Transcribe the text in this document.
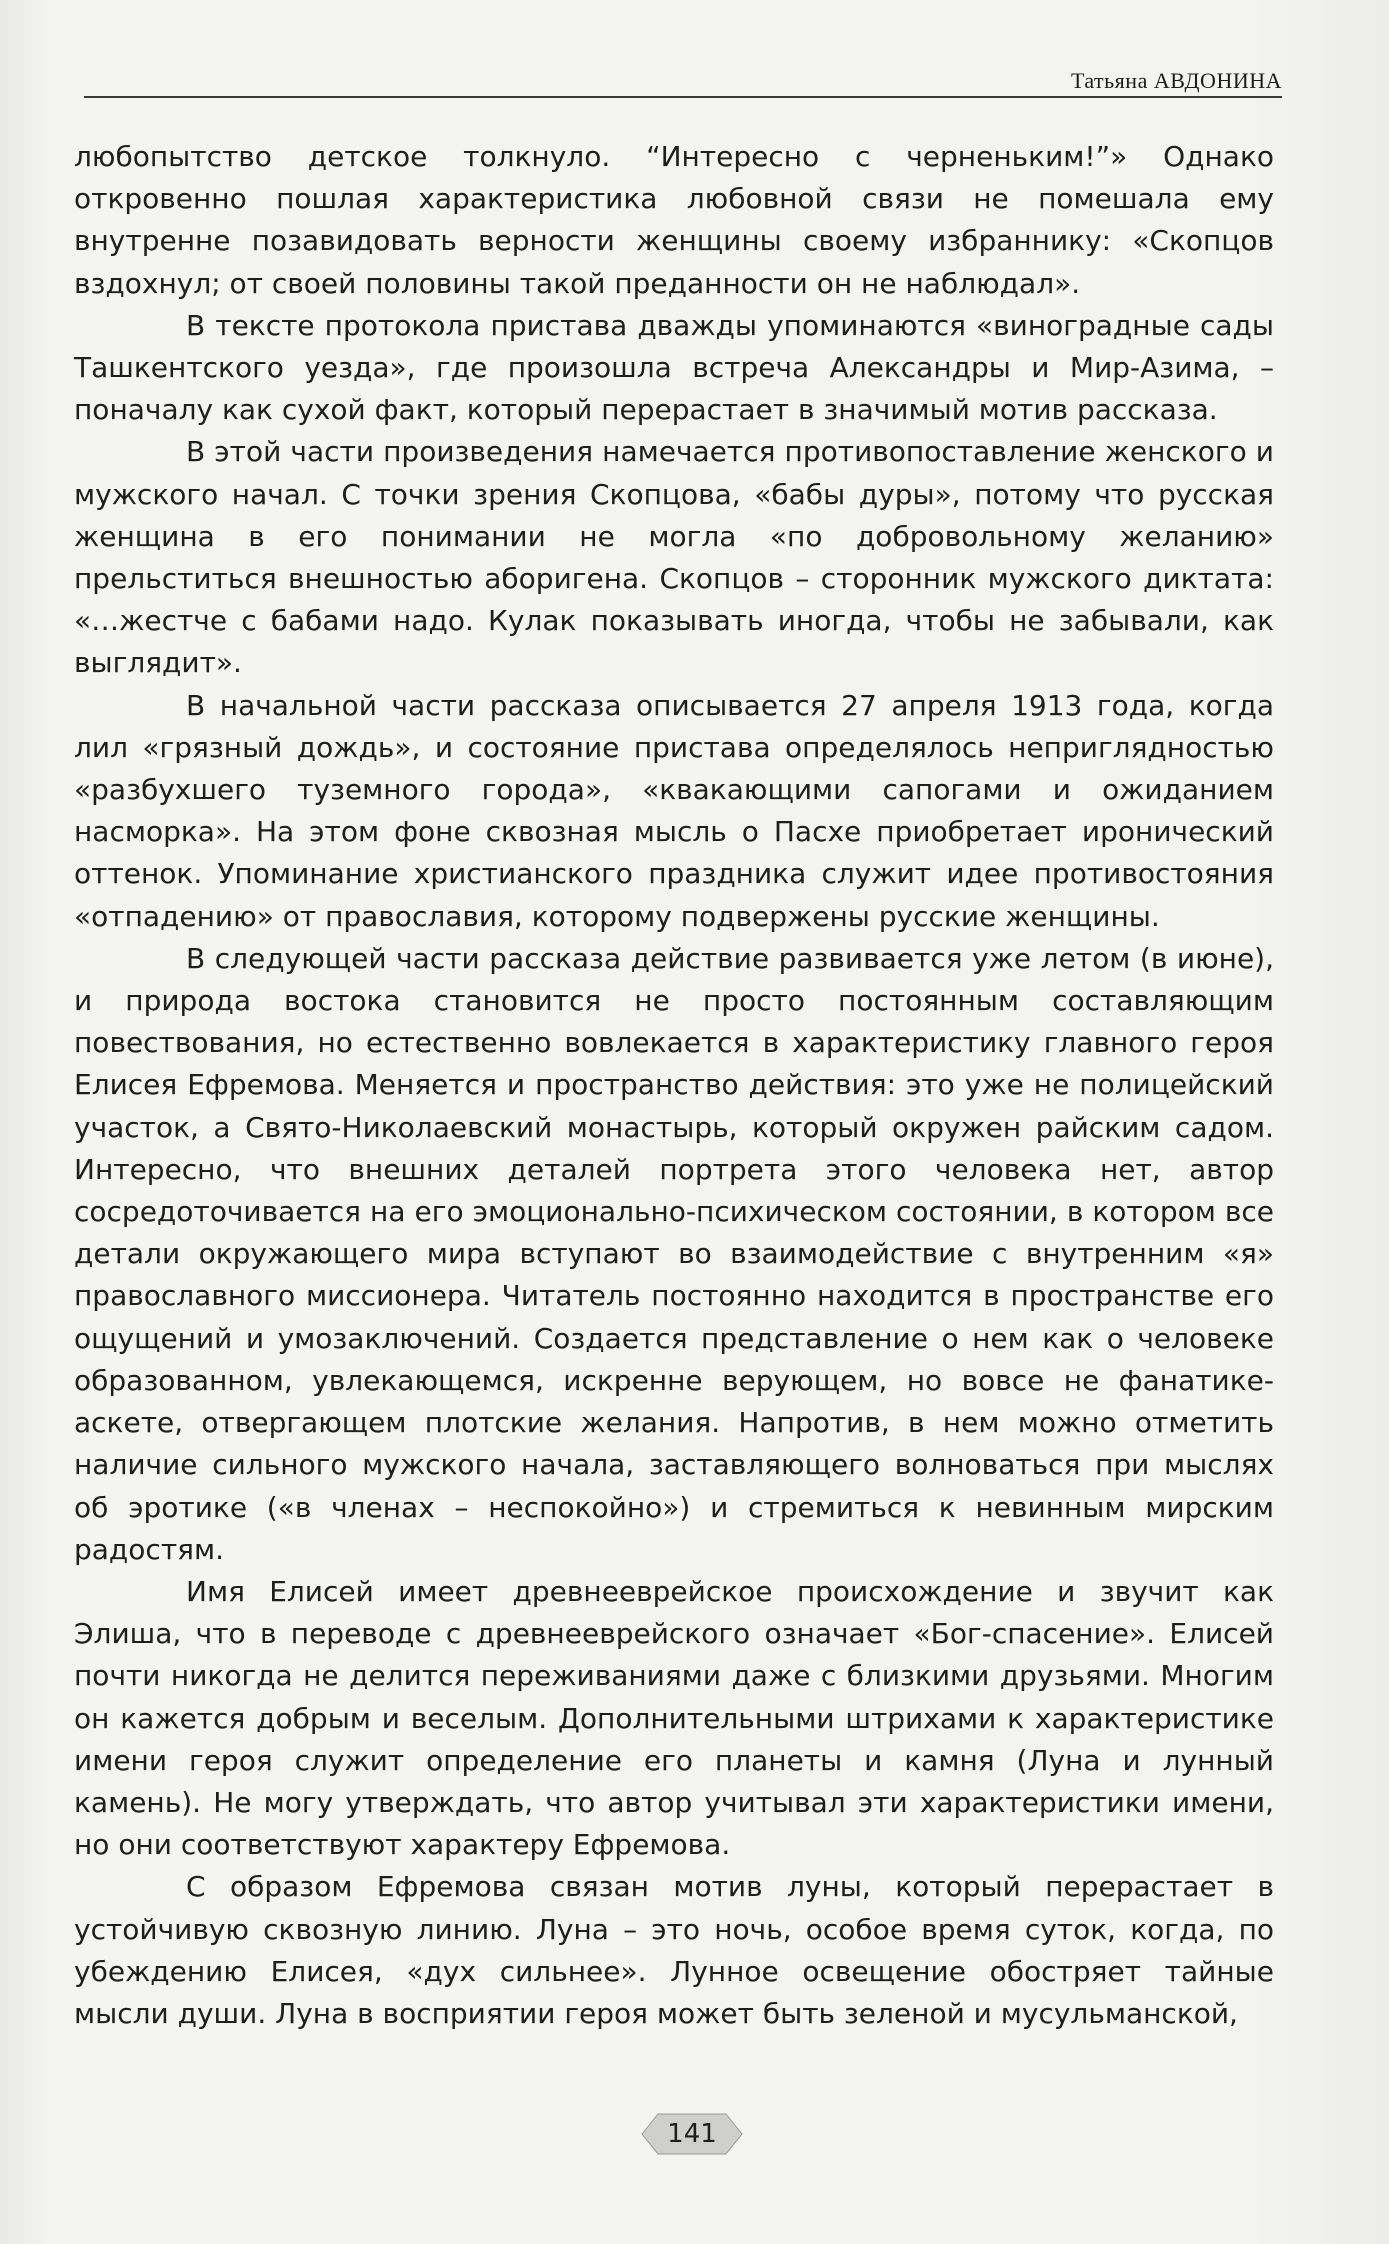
Татьяна АВДОНИНА

любопытство детское толкнуло. “Интересно с черненьким!”» Однако откровенно пошлая характеристика любовной связи не помешала ему внутренне позавидовать верности женщины своему избраннику: «Скопцов вздохнул; от своей половины такой преданности он не наблюдал».

В тексте протокола пристава дважды упоминаются «виноградные сады Ташкентского уезда», где произошла встреча Александры и Мир-Азима, – поначалу как сухой факт, который перерастает в значимый мотив рассказа.

В этой части произведения намечается противопоставление женского и мужского начал. С точки зрения Скопцова, «бабы дуры», потому что русская женщина в его понимании не могла «по добровольному желанию» прельститься внешностью аборигена. Скопцов – сторонник мужского диктата: «…жестче с бабами надо. Кулак показывать иногда, чтобы не забывали, как выглядит».

В начальной части рассказа описывается 27 апреля 1913 года, когда лил «грязный дождь», и состояние пристава определялось неприглядностью «разбухшего туземного города», «квакающими сапогами и ожиданием насморка». На этом фоне сквозная мысль о Пасхе приобретает иронический оттенок. Упоминание христианского праздника служит идее противостояния «отпадению» от православия, которому подвержены русские женщины.

В следующей части рассказа действие развивается уже летом (в июне), и природа востока становится не просто постоянным составляющим повествования, но естественно вовлекается в характеристику главного героя Елисея Ефремова. Меняется и пространство действия: это уже не полицейский участок, а Свято-Николаевский монастырь, который окружен райским садом. Интересно, что внешних деталей портрета этого человека нет, автор сосредоточивается на его эмоционально-психическом состоянии, в котором все детали окружающего мира вступают во взаимодействие с внутренним «я» православного миссионера. Читатель постоянно находится в пространстве его ощущений и умозаключений. Создается представление о нем как о человеке образованном, увлекающемся, искренне верующем, но вовсе не фанатике-аскете, отвергающем плотские желания. Напротив, в нем можно отметить наличие сильного мужского начала, заставляющего волноваться при мыслях об эротике («в членах – неспокойно») и стремиться к невинным мирским радостям.

Имя Елисей имеет древнееврейское происхождение и звучит как Элиша, что в переводе с древнееврейского означает «Бог-спасение». Елисей почти никогда не делится переживаниями даже с близкими друзьями. Многим он кажется добрым и веселым. Дополнительными штрихами к характеристике имени героя служит определение его планеты и камня (Луна и лунный камень). Не могу утверждать, что автор учитывал эти характеристики имени, но они соответствуют характеру Ефремова.

С образом Ефремова связан мотив луны, который перерастает в устойчивую сквозную линию. Луна – это ночь, особое время суток, когда, по убеждению Елисея, «дух сильнее». Лунное освещение обостряет тайные мысли души. Луна в восприятии героя может быть зеленой и мусульманской,

141
